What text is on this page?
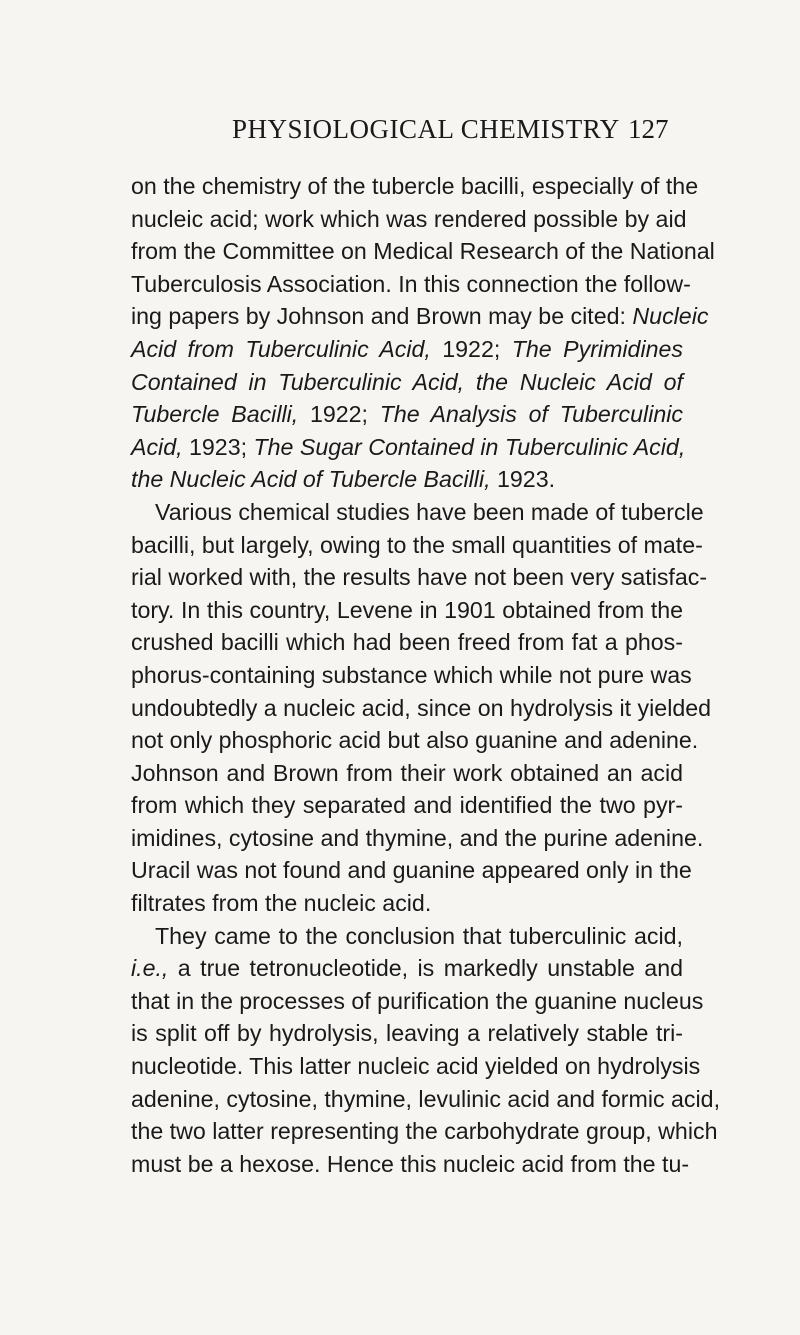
PHYSIOLOGICAL CHEMISTRY 127
on the chemistry of the tubercle bacilli, especially of the
nucleic acid; work which was rendered possible by aid
from the Committee on Medical Research of the National
Tuberculosis Association. In this connection the follow-
ing papers by Johnson and Brown may be cited: Nucleic
Acid from Tuberculinic Acid, 1922; The Pyrimidines
Contained in Tuberculinic Acid, the Nucleic Acid of
Tubercle Bacilli, 1922; The Analysis of Tuberculinic
Acid, 1923; The Sugar Contained in Tuberculinic Acid,
the Nucleic Acid of Tubercle Bacilli, 1923.
Various chemical studies have been made of tubercle
bacilli, but largely, owing to the small quantities of mate-
rial worked with, the results have not been very satisfac-
tory. In this country, Levene in 1901 obtained from the
crushed bacilli which had been freed from fat a phos-
phorus-containing substance which while not pure was
undoubtedly a nucleic acid, since on hydrolysis it yielded
not only phosphoric acid but also guanine and adenine.
Johnson and Brown from their work obtained an acid
from which they separated and identified the two pyr-
imidines, cytosine and thymine, and the purine adenine.
Uracil was not found and guanine appeared only in the
filtrates from the nucleic acid.
They came to the conclusion that tuberculinic acid,
i.e., a true tetronucleotide, is markedly unstable and
that in the processes of purification the guanine nucleus
is split off by hydrolysis, leaving a relatively stable tri-
nucleotide. This latter nucleic acid yielded on hydrolysis
adenine, cytosine, thymine, levulinic acid and formic acid,
the two latter representing the carbohydrate group, which
must be a hexose. Hence this nucleic acid from the tu-
